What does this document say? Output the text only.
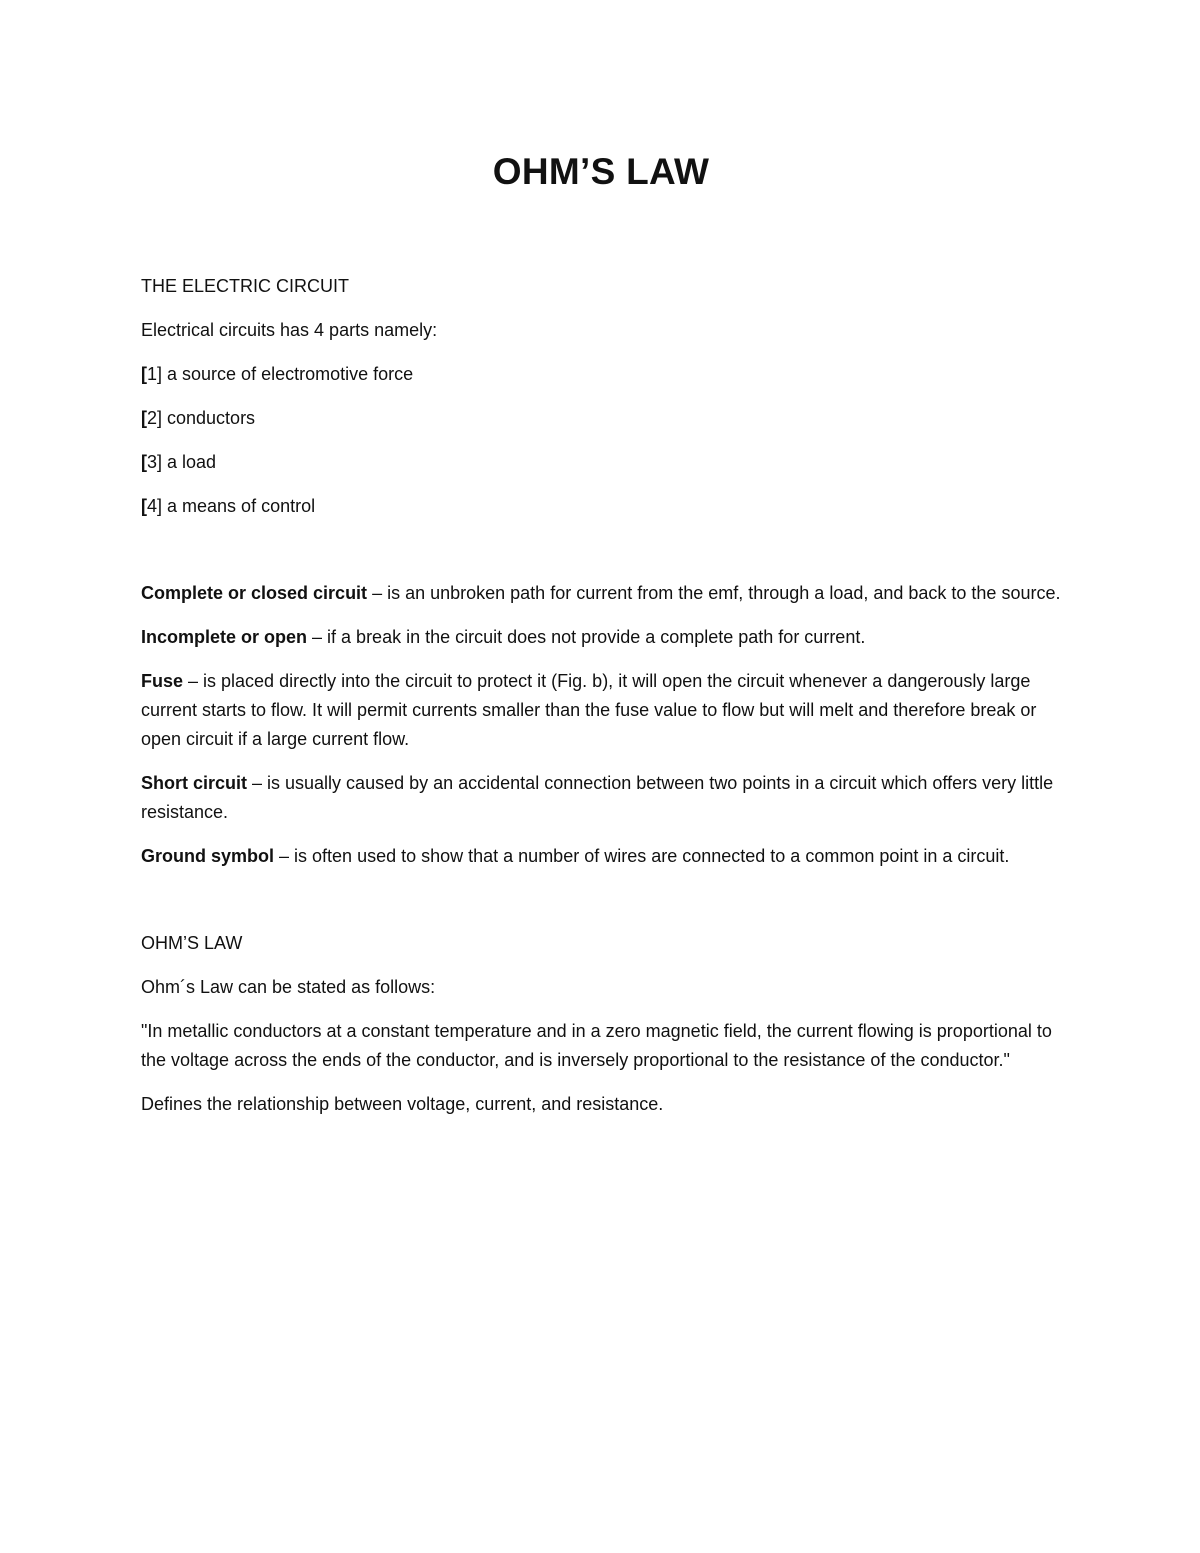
OHM’S LAW

THE ELECTRIC CIRCUIT

Electrical circuits has 4 parts namely:

[1] a source of electromotive force

[2] conductors

[3] a load

[4] a means of control

Complete or closed circuit – is an unbroken path for current from the emf, through a load, and back to the source.

Incomplete or open – if a break in the circuit does not provide a complete path for current.

Fuse – is placed directly into the circuit to protect it (Fig. b), it will open the circuit whenever a dangerously large current starts to flow. It will permit currents smaller than the fuse value to flow but will melt and therefore break or open circuit if a large current flow.

Short circuit – is usually caused by an accidental connection between two points in a circuit which offers very little resistance.

Ground symbol – is often used to show that a number of wires are connected to a common point in a circuit.

OHM’S LAW

Ohm´s Law can be stated as follows:

"In metallic conductors at a constant temperature and in a zero magnetic field, the current flowing is proportional to the voltage across the ends of the conductor, and is inversely proportional to the resistance of the conductor."

Defines the relationship between voltage, current, and resistance.
